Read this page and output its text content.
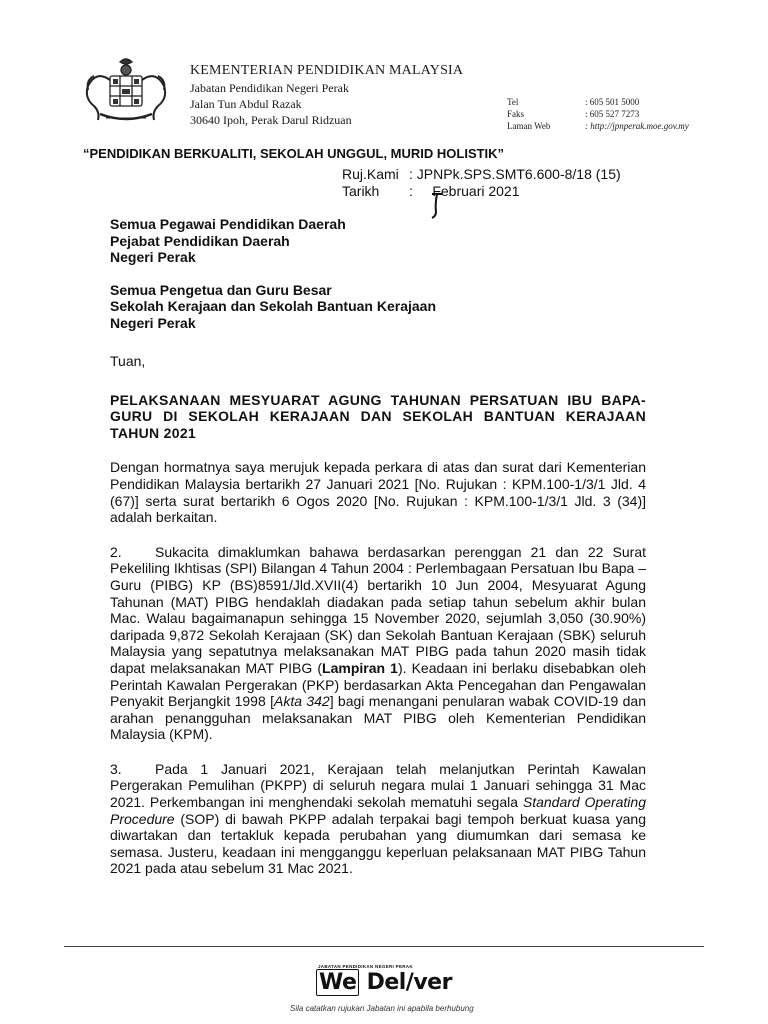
KEMENTERIAN PENDIDIKAN MALAYSIA
Jabatan Pendidikan Negeri Perak
Jalan Tun Abdul Razak
30640 Ipoh, Perak Darul Ridzuan
Tel
Faks
Laman Web
: 605 501 5000
: 605 527 7273
: http://jpnperak.moe.gov.my
“PENDIDIKAN BERKUALITI, SEKOLAH UNGGUL, MURID HOLISTIK”
Ruj.Kami : JPNPk.SPS.SMT6.600-8/18 (15)
Tarikh	:     Februari 2021
Semua Pegawai Pendidikan Daerah
Pejabat Pendidikan Daerah
Negeri Perak
Semua Pengetua dan Guru Besar
Sekolah Kerajaan dan Sekolah Bantuan Kerajaan
Negeri Perak
Tuan,
PELAKSANAAN MESYUARAT AGUNG TAHUNAN PERSATUAN IBU BAPA-GURU DI SEKOLAH KERAJAAN DAN SEKOLAH BANTUAN KERAJAAN TAHUN 2021

Dengan hormatnya saya merujuk kepada perkara di atas dan surat dari Kementerian Pendidikan Malaysia bertarikh 27 Januari 2021 [No. Rujukan : KPM.100-1/3/1 Jld. 4 (67)] serta surat bertarikh 6 Ogos 2020 [No. Rujukan : KPM.100-1/3/1 Jld. 3 (34)] adalah berkaitan.

2. Sukacita dimaklumkan bahawa berdasarkan perenggan 21 dan 22 Surat Pekeliling Ikhtisas (SPI) Bilangan 4 Tahun 2004 : Perlembagaan Persatuan Ibu Bapa – Guru (PIBG) KP (BS)8591/Jld.XVII(4) bertarikh 10 Jun 2004, Mesyuarat Agung Tahunan (MAT) PIBG hendaklah diadakan pada setiap tahun sebelum akhir bulan Mac. Walau bagaimanapun sehingga 15 November 2020, sejumlah 3,050 (30.90%) daripada 9,872 Sekolah Kerajaan (SK) dan Sekolah Bantuan Kerajaan (SBK) seluruh Malaysia yang sepatutnya melaksanakan MAT PIBG pada tahun 2020 masih tidak dapat melaksanakan MAT PIBG (Lampiran 1). Keadaan ini berlaku disebabkan oleh Perintah Kawalan Pergerakan (PKP) berdasarkan Akta Pencegahan dan Pengawalan Penyakit Berjangkit 1998 [Akta 342] bagi menangani penularan wabak COVID-19 dan arahan penangguhan melaksanakan MAT PIBG oleh Kementerian Pendidikan Malaysia (KPM).

3. Pada 1 Januari 2021, Kerajaan telah melanjutkan Perintah Kawalan Pergerakan Pemulihan (PKPP) di seluruh negara mulai 1 Januari sehingga 31 Mac 2021. Perkembangan ini menghendaki sekolah mematuhi segala Standard Operating Procedure (SOP) di bawah PKPP adalah terpakai bagi tempoh berkuat kuasa yang diwartakan dan tertakluk kepada perubahan yang diumumkan dari semasa ke semasa. Justeru, keadaan ini mengganggu keperluan pelaksanaan MAT PIBG Tahun 2021 pada atau sebelum 31 Mac 2021.

JABATAN PENDIDIKAN NEGERI PERAK
We Del/ver
Sila catatkan rujukan Jabatan ini apabila berhubung
